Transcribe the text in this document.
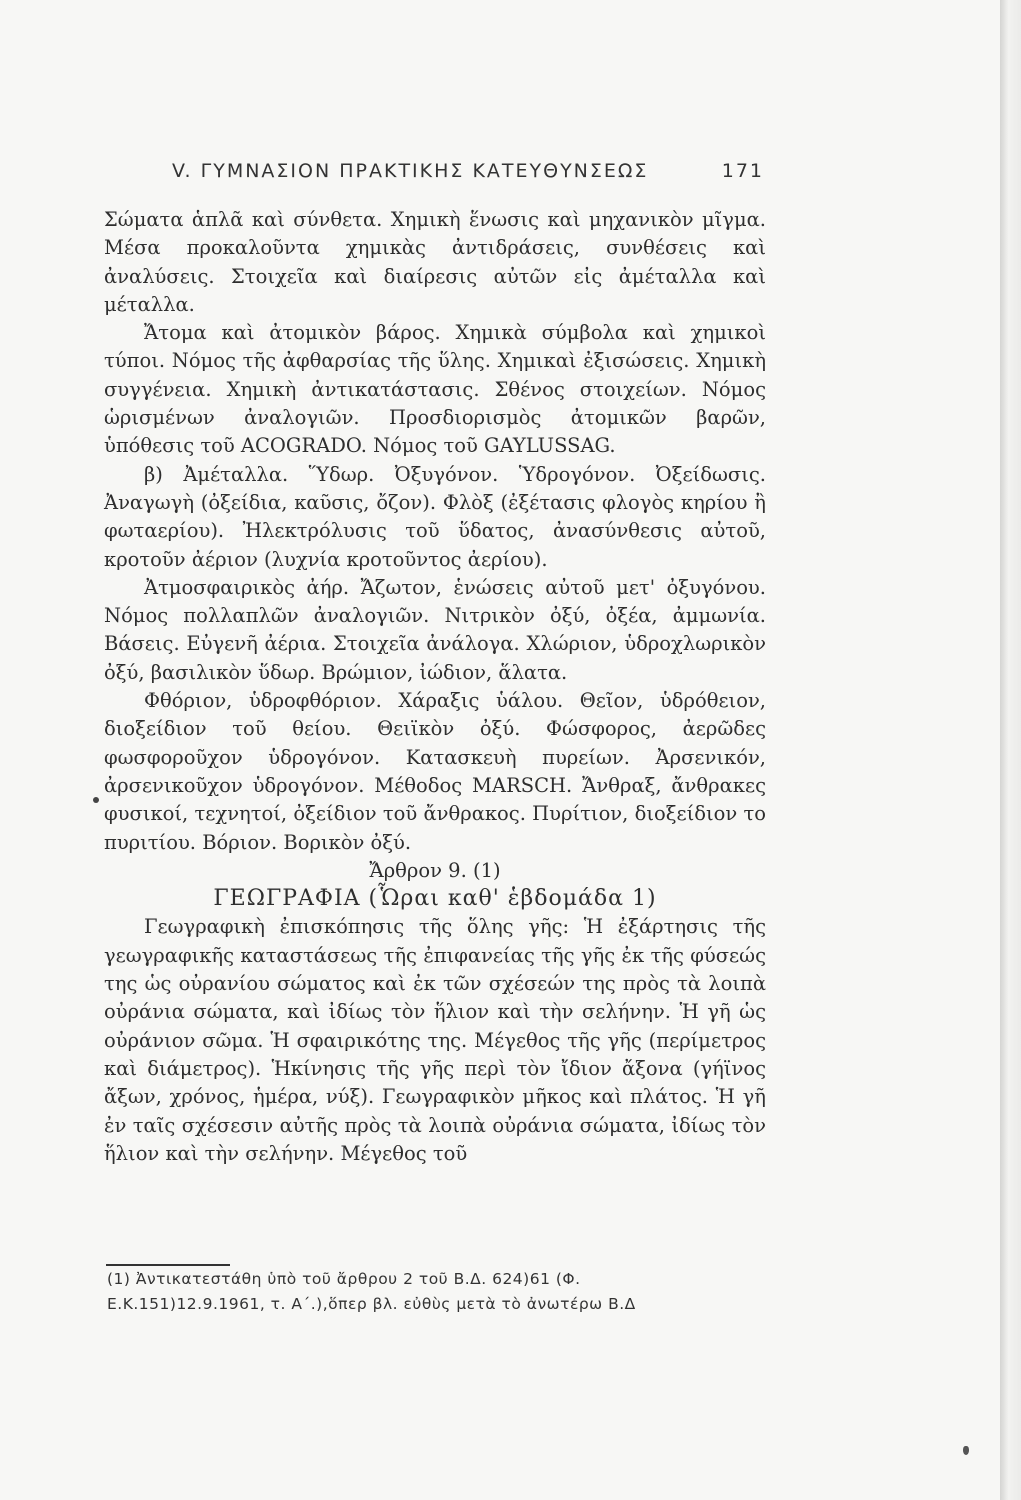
V. ΓΥΜΝΑΣΙΟΝ ΠΡΑΚΤΙΚΗΣ ΚΑΤΕΥΘΥΝΣΕΩΣ	171

Σώματα ἁπλᾶ καὶ σύνθετα. Χημικὴ ἕνωσις καὶ μηχανικὸν μῖγμα. Μέσα προκαλοῦντα χημικὰς ἀντιδράσεις, συνθέσεις καὶ ἀναλύσεις. Στοιχεῖα καὶ διαίρεσις αὐτῶν εἰς ἀμέταλλα καὶ μέταλλα.

Ἄτομα καὶ ἀτομικὸν βάρος. Χημικὰ σύμβολα καὶ χημικοὶ τύποι. Νόμος τῆς ἀφθαρσίας τῆς ὕλης. Χημικαὶ ἐξισώσεις. Χημικὴ συγγένεια. Χημικὴ ἀντικατάστασις. Σθένος στοιχείων. Νόμος ὡρισμένων ἀναλογιῶν. Προσδιορισμὸς ἀτομικῶν βαρῶν, ὑπόθεσις τοῦ ACOGRADO. Νόμος τοῦ GAYLUSSAG.

β) Ἀμέταλλα. Ὕδωρ. Ὀξυγόνον. Ὑδρογόνον. Ὀξείδωσις. Ἀναγωγὴ (ὀξείδια, καῦσις, ὄζον). Φλὸξ (ἐξέτασις φλογὸς κηρίου ἢ φωταερίου). Ἠλεκτρόλυσις τοῦ ὕδατος, ἀνασύνθεσις αὐτοῦ, κροτοῦν ἀέριον (λυχνία κροτοῦντος ἀερίου).

Ἀτμοσφαιρικὸς ἀήρ. Ἄζωτον, ἑνώσεις αὐτοῦ μετ' ὀξυγόνου. Νόμος πολλαπλῶν ἀναλογιῶν. Νιτρικὸν ὀξύ, ὀξέα, ἀμμωνία. Βάσεις. Εὐγενῆ ἀέρια. Στοιχεῖα ἀνάλογα. Χλώριον, ὑδροχλωρικὸν ὀξύ, βασιλικὸν ὕδωρ. Βρώμιον, ἰώδιον, ἅλατα.

Φθόριον, ὑδροφθόριον. Χάραξις ὑάλου. Θεῖον, ὑδρόθειον, διοξείδιον τοῦ θείου. Θειϊκὸν ὀξύ. Φώσφορος, ἀερῶδες φωσφοροῦχον ὑδρογόνον. Κατασκευὴ πυρείων. Ἀρσενικόν, ἀρσενικοῦχον ὑδρογόνον. Μέθοδος MARSCH. Ἄνθραξ, ἄνθρακες φυσικοί, τεχνητοί, ὀξείδιον τοῦ ἄνθρακος. Πυρίτιον, διοξείδιον το πυριτίου. Βόριον. Βορικὸν ὀξύ.

Ἄρθρον 9. (1)

ΓΕΩΓΡΑΦΙΑ (Ὧραι καθ' ἑβδομάδα 1)

Γεωγραφικὴ ἐπισκόπησις τῆς ὅλης γῆς: Ἡ ἐξάρτησις τῆς γεωγραφικῆς καταστάσεως τῆς ἐπιφανείας τῆς γῆς ἐκ τῆς φύσεώς της ὡς οὐρανίου σώματος καὶ ἐκ τῶν σχέσεών της πρὸς τὰ λοιπὰ οὐράνια σώματα, καὶ ἰδίως τὸν ἥλιον καὶ τὴν σελήνην. Ἡ γῆ ὡς οὐράνιον σῶμα. Ἡ σφαιρικότης της. Μέγεθος τῆς γῆς (περίμετρος καὶ διάμετρος). Ἡκίνησις τῆς γῆς περὶ τὸν ἴδιον ἄξονα (γήϊνος ἄξων, χρόνος, ἡμέρα, νύξ). Γεωγραφικὸν μῆκος καὶ πλάτος. Ἡ γῆ ἐν ταῖς σχέσεσιν αὐτῆς πρὸς τὰ λοιπὰ οὐράνια σώματα, ἰδίως τὸν ἥλιον καὶ τὴν σελήνην. Μέγεθος τοῦ

(1) Ἀντικατεστάθη ὑπὸ τοῦ ἄρθρου 2 τοῦ Β.Δ. 624)61 (Φ.

Ε.Κ.151)12.9.1961, τ. Α΄.),ὅπερ βλ. εὐθὺς μετὰ τὸ ἀνωτέρω Β.Δ
